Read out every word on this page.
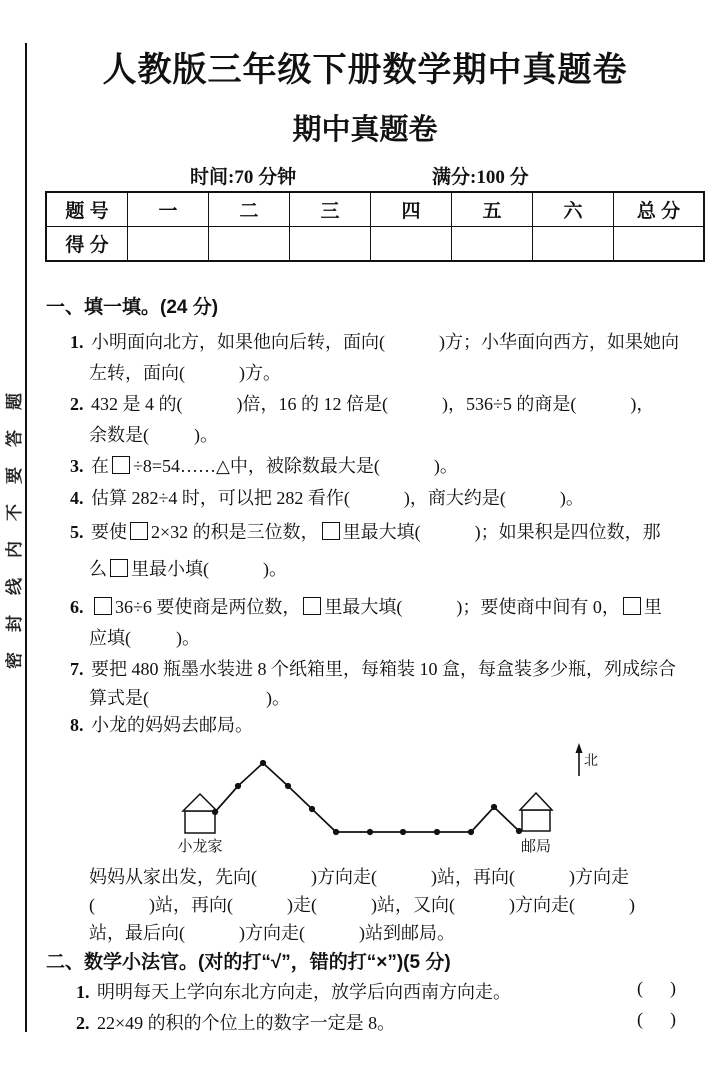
密封线内不要答题
人教版三年级下册数学期中真题卷
期中真题卷
时间:70 分钟	满分:100 分
题 号	一	二	三	四	五	六	总 分
得 分							
一、填一填。(24 分)
1. 小明面向北方，如果他向后转，面向(            )方；小华面向西方，如果她向
左转，面向(            )方。
2. 432 是 4 的(            )倍，16 的 12 倍是(            )，536÷5 的商是(            )，
余数是(          )。
3. 在 ÷8=54……△中，被除数最大是(            )。
4. 估算 282÷4 时，可以把 282 看作(            )，商大约是(            )。
5. 要使 2×32 的积是三位数， 里最大填(            )；如果积是四位数，那
么 里最小填(            )。
6. 36÷6 要使商是两位数， 里最大填(            )；要使商中间有 0， 里
应填(          )。
7. 要把 480 瓶墨水装进 8 个纸箱里，每箱装 10 盒，每盒装多少瓶，列成综合
算式是(                          )。
8. 小龙的妈妈去邮局。
北
小龙家	邮局
妈妈从家出发，先向(            )方向走(            )站，再向(            )方向走
(            )站，再向(            )走(            )站，又向(            )方向走(            )
站，最后向(            )方向走(            )站到邮局。
二、数学小法官。(对的打“√”，错的打“×”)(5 分)
1. 明明每天上学向东北方向走，放学后向西南方向走。	(      )
2. 22×49 的积的个位上的数字一定是 8。	(      )
